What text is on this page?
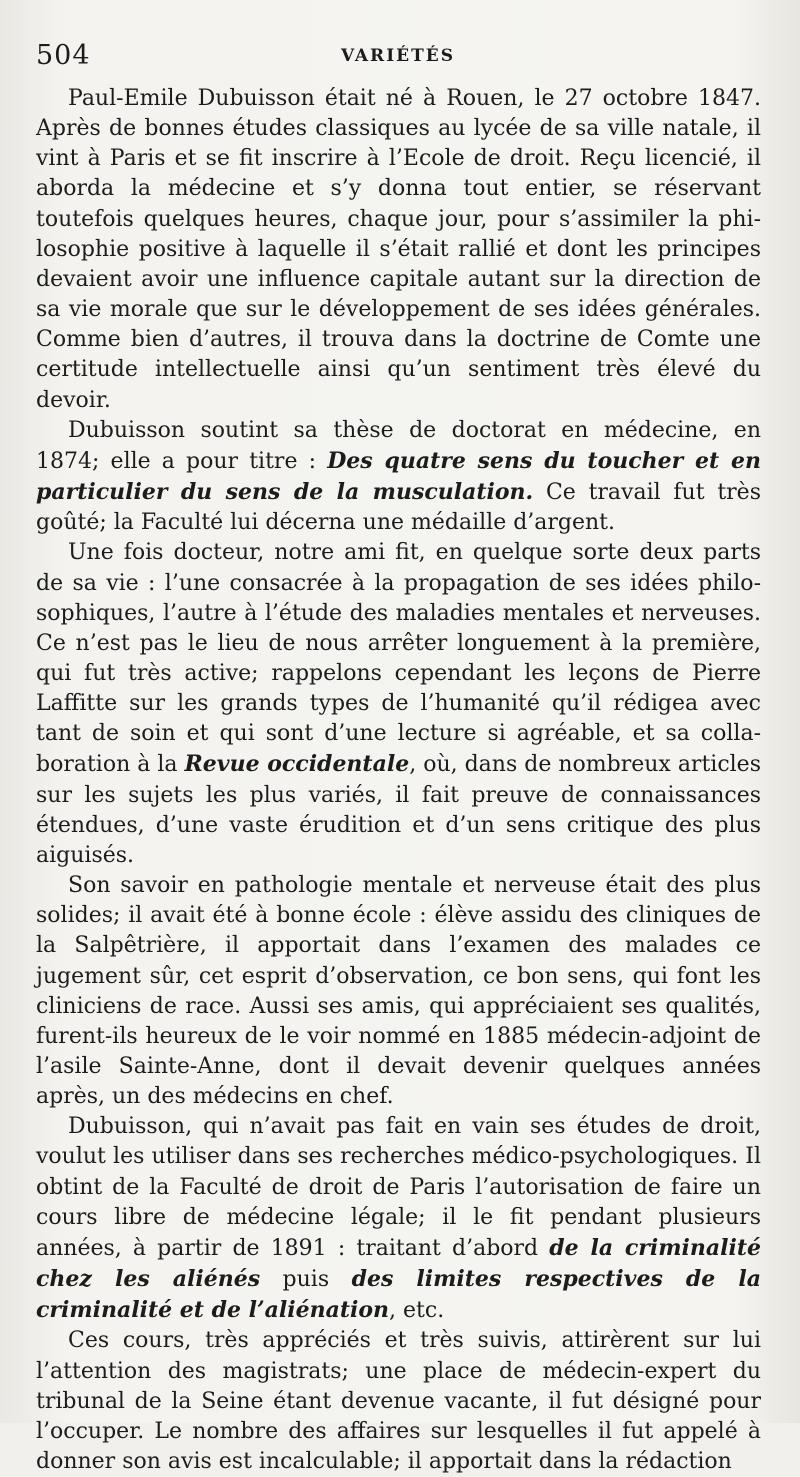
504	VARIÉTÉS

Paul-Emile Dubuisson était né à Rouen, le 27 octobre 1847. Après de bonnes études classiques au lycée de sa ville natale, il vint à Paris et se fit inscrire à l’Ecole de droit. Reçu licencié, il aborda la médecine et s’y donna tout entier, se réservant toutefois quelques heures, chaque jour, pour s’assimiler la philosophie positive à laquelle il s’était rallié et dont les principes devaient avoir une influence capitale autant sur la direction de sa vie morale que sur le développement de ses idées générales. Comme bien d’autres, il trouva dans la doctrine de Comte une certitude intellectuelle ainsi qu’un sentiment très élevé du devoir.

Dubuisson soutint sa thèse de doctorat en médecine, en 1874; elle a pour titre : Des quatre sens du toucher et en particulier du sens de la musculation. Ce travail fut très goûté; la Faculté lui décerna une médaille d’argent.

Une fois docteur, notre ami fit, en quelque sorte deux parts de sa vie : l’une consacrée à la propagation de ses idées philosophiques, l’autre à l’étude des maladies mentales et nerveuses. Ce n’est pas le lieu de nous arrêter longuement à la première, qui fut très active; rappelons cependant les leçons de Pierre Laffitte sur les grands types de l’humanité qu’il rédigea avec tant de soin et qui sont d’une lecture si agréable, et sa collaboration à la Revue occidentale, où, dans de nombreux articles sur les sujets les plus variés, il fait preuve de connaissances étendues, d’une vaste érudition et d’un sens critique des plus aiguisés.

Son savoir en pathologie mentale et nerveuse était des plus solides; il avait été à bonne école : élève assidu des cliniques de la Salpêtrière, il apportait dans l’examen des malades ce jugement sûr, cet esprit d’observation, ce bon sens, qui font les cliniciens de race. Aussi ses amis, qui appréciaient ses qualités, furent-ils heureux de le voir nommé en 1885 médecin-adjoint de l’asile Sainte-Anne, dont il devait devenir quelques années après, un des médecins en chef.

Dubuisson, qui n’avait pas fait en vain ses études de droit, voulut les utiliser dans ses recherches médico-psychologiques. Il obtint de la Faculté de droit de Paris l’autorisation de faire un cours libre de médecine légale; il le fit pendant plusieurs années, à partir de 1891 : traitant d’abord de la criminalité chez les aliénés puis des limites respectives de la criminalité et de l’aliénation, etc.

Ces cours, très appréciés et très suivis, attirèrent sur lui l’attention des magistrats; une place de médecin-expert du tribunal de la Seine étant devenue vacante, il fut désigné pour l’occuper. Le nombre des affaires sur lesquelles il fut appelé à donner son avis est incalculable; il apportait dans la rédaction
